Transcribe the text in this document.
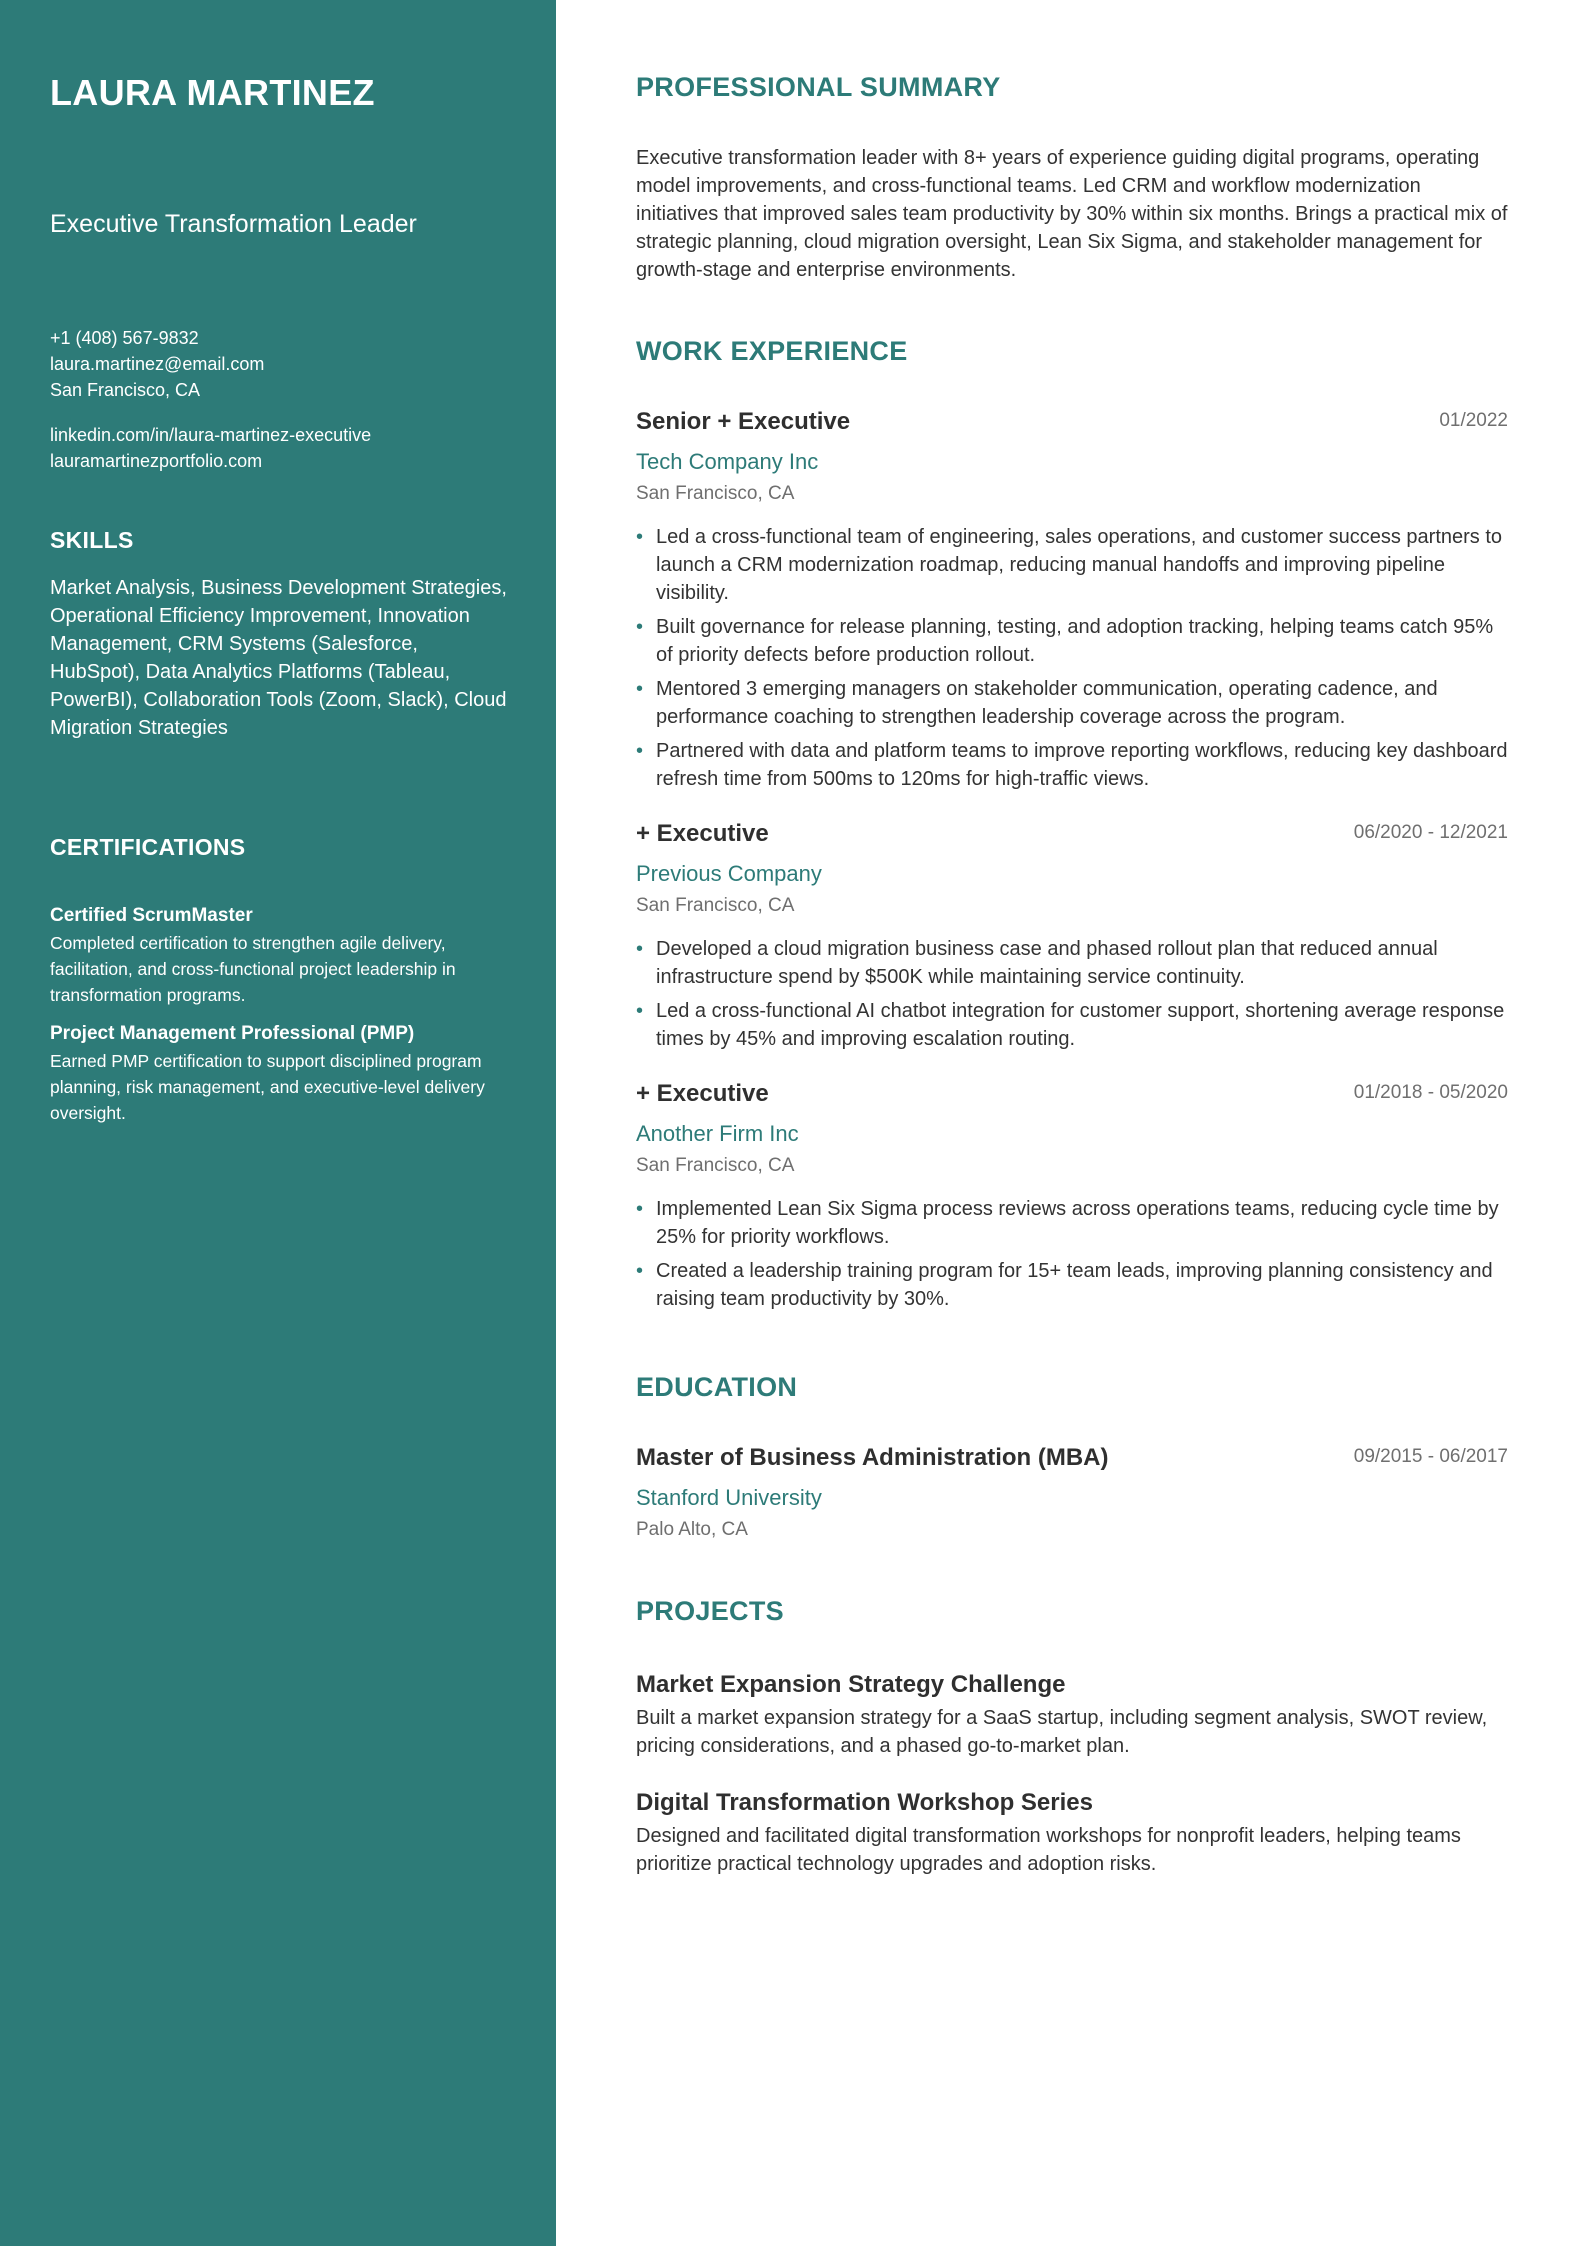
LAURA MARTINEZ
Executive Transformation Leader
+1 (408) 567-9832
laura.martinez@email.com
San Francisco, CA
linkedin.com/in/laura-martinez-executive
lauramartinezportfolio.com
SKILLS
Market Analysis, Business Development Strategies, Operational Efficiency Improvement, Innovation Management, CRM Systems (Salesforce, HubSpot), Data Analytics Platforms (Tableau, PowerBI), Collaboration Tools (Zoom, Slack), Cloud Migration Strategies
CERTIFICATIONS
Certified ScrumMaster
Completed certification to strengthen agile delivery, facilitation, and cross-functional project leadership in transformation programs.
Project Management Professional (PMP)
Earned PMP certification to support disciplined program planning, risk management, and executive-level delivery oversight.
PROFESSIONAL SUMMARY
Executive transformation leader with 8+ years of experience guiding digital programs, operating model improvements, and cross-functional teams. Led CRM and workflow modernization initiatives that improved sales team productivity by 30% within six months. Brings a practical mix of strategic planning, cloud migration oversight, Lean Six Sigma, and stakeholder management for growth-stage and enterprise environments.
WORK EXPERIENCE
Senior + Executive	01/2022
Tech Company Inc
San Francisco, CA
• Led a cross-functional team of engineering, sales operations, and customer success partners to launch a CRM modernization roadmap, reducing manual handoffs and improving pipeline visibility.
• Built governance for release planning, testing, and adoption tracking, helping teams catch 95% of priority defects before production rollout.
• Mentored 3 emerging managers on stakeholder communication, operating cadence, and performance coaching to strengthen leadership coverage across the program.
• Partnered with data and platform teams to improve reporting workflows, reducing key dashboard refresh time from 500ms to 120ms for high-traffic views.
+ Executive	06/2020 - 12/2021
Previous Company
San Francisco, CA
• Developed a cloud migration business case and phased rollout plan that reduced annual infrastructure spend by $500K while maintaining service continuity.
• Led a cross-functional AI chatbot integration for customer support, shortening average response times by 45% and improving escalation routing.
+ Executive	01/2018 - 05/2020
Another Firm Inc
San Francisco, CA
• Implemented Lean Six Sigma process reviews across operations teams, reducing cycle time by 25% for priority workflows.
• Created a leadership training program for 15+ team leads, improving planning consistency and raising team productivity by 30%.
EDUCATION
Master of Business Administration (MBA)	09/2015 - 06/2017
Stanford University
Palo Alto, CA
PROJECTS
Market Expansion Strategy Challenge
Built a market expansion strategy for a SaaS startup, including segment analysis, SWOT review, pricing considerations, and a phased go-to-market plan.
Digital Transformation Workshop Series
Designed and facilitated digital transformation workshops for nonprofit leaders, helping teams prioritize practical technology upgrades and adoption risks.
